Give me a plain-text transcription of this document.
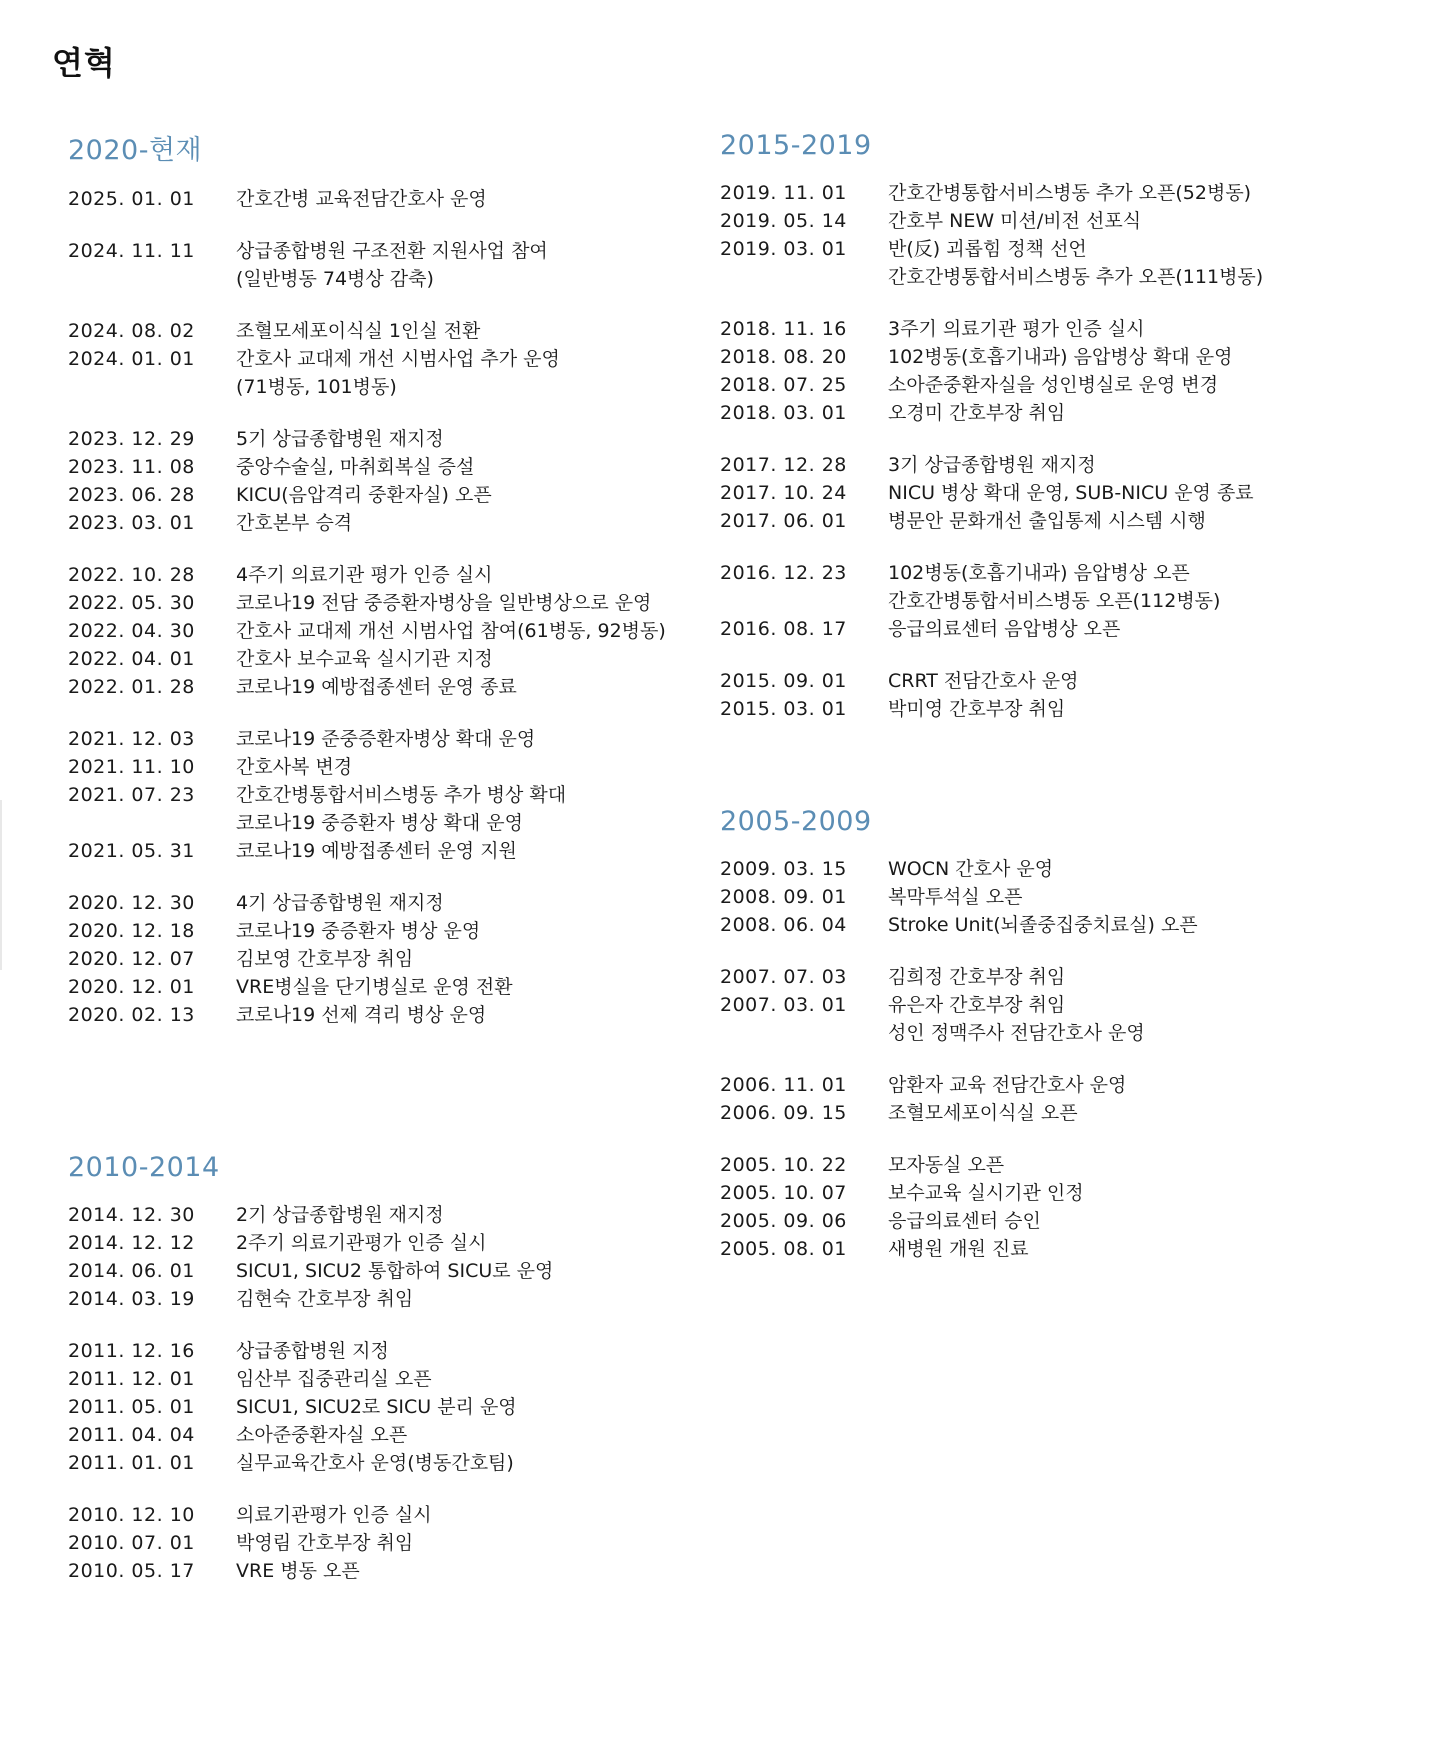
연혁
2020-현재
2025. 01. 01	간호간병 교육전담간호사 운영
2024. 11. 11	상급종합병원 구조전환 지원사업 참여
(일반병동 74병상 감축)
2024. 08. 02	조혈모세포이식실 1인실 전환
2024. 01. 01	간호사 교대제 개선 시범사업 추가 운영
(71병동, 101병동)
2023. 12. 29	5기 상급종합병원 재지정
2023. 11. 08	중앙수술실, 마취회복실 증설
2023. 06. 28	KICU(음압격리 중환자실) 오픈
2023. 03. 01	간호본부 승격
2022. 10. 28	4주기 의료기관 평가 인증 실시
2022. 05. 30	코로나19 전담 중증환자병상을 일반병상으로 운영
2022. 04. 30	간호사 교대제 개선 시범사업 참여(61병동, 92병동)
2022. 04. 01	간호사 보수교육 실시기관 지정
2022. 01. 28	코로나19 예방접종센터 운영 종료
2021. 12. 03	코로나19 준중증환자병상 확대 운영
2021. 11. 10	간호사복 변경
2021. 07. 23	간호간병통합서비스병동 추가 병상 확대
코로나19 중증환자 병상 확대 운영
2021. 05. 31	코로나19 예방접종센터 운영 지원
2020. 12. 30	4기 상급종합병원 재지정
2020. 12. 18	코로나19 중증환자 병상 운영
2020. 12. 07	김보영 간호부장 취임
2020. 12. 01	VRE병실을 단기병실로 운영 전환
2020. 02. 13	코로나19 선제 격리 병상 운영
2010-2014
2014. 12. 30	2기 상급종합병원 재지정
2014. 12. 12	2주기 의료기관평가 인증 실시
2014. 06. 01	SICU1, SICU2 통합하여 SICU로 운영
2014. 03. 19	김현숙 간호부장 취임
2011. 12. 16	상급종합병원 지정
2011. 12. 01	임산부 집중관리실 오픈
2011. 05. 01	SICU1, SICU2로 SICU 분리 운영
2011. 04. 04	소아준중환자실 오픈
2011. 01. 01	실무교육간호사 운영(병동간호팀)
2010. 12. 10	의료기관평가 인증 실시
2010. 07. 01	박영림 간호부장 취임
2010. 05. 17	VRE 병동 오픈
2015-2019
2019. 11. 01	간호간병통합서비스병동 추가 오픈(52병동)
2019. 05. 14	간호부 NEW 미션/비전 선포식
2019. 03. 01	반(反) 괴롭힘 정책 선언
간호간병통합서비스병동 추가 오픈(111병동)
2018. 11. 16	3주기 의료기관 평가 인증 실시
2018. 08. 20	102병동(호흡기내과) 음압병상 확대 운영
2018. 07. 25	소아준중환자실을 성인병실로 운영 변경
2018. 03. 01	오경미 간호부장 취임
2017. 12. 28	3기 상급종합병원 재지정
2017. 10. 24	NICU 병상 확대 운영, SUB-NICU 운영 종료
2017. 06. 01	병문안 문화개선 출입통제 시스템 시행
2016. 12. 23	102병동(호흡기내과) 음압병상 오픈
간호간병통합서비스병동 오픈(112병동)
2016. 08. 17	응급의료센터 음압병상 오픈
2015. 09. 01	CRRT 전담간호사 운영
2015. 03. 01	박미영 간호부장 취임
2005-2009
2009. 03. 15	WOCN 간호사 운영
2008. 09. 01	복막투석실 오픈
2008. 06. 04	Stroke Unit(뇌졸중집중치료실) 오픈
2007. 07. 03	김희정 간호부장 취임
2007. 03. 01	유은자 간호부장 취임
성인 정맥주사 전담간호사 운영
2006. 11. 01	암환자 교육 전담간호사 운영
2006. 09. 15	조혈모세포이식실 오픈
2005. 10. 22	모자동실 오픈
2005. 10. 07	보수교육 실시기관 인정
2005. 09. 06	응급의료센터 승인
2005. 08. 01	새병원 개원 진료
